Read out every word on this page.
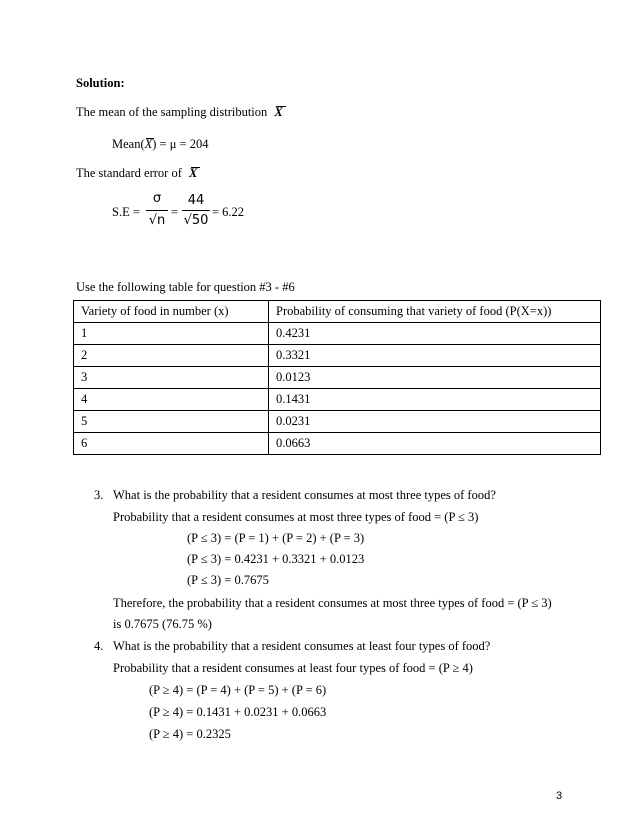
Solution:
The mean of the sampling distribution X
Mean(X) = μ = 204
The standard error of X
S.E =
σ
√n
=
44
√50
= 6.22
Use the following table for question #3 - #6
Variety of food in number (x)	Probability of consuming that variety of food (P(X=x))
1	0.4231
2	0.3321
3	0.0123
4	0.1431
5	0.0231
6	0.0663
3. What is the probability that a resident consumes at most three types of food?
Probability that a resident consumes at most three types of food = (P ≤ 3)
(P ≤ 3) = (P = 1) + (P = 2) + (P = 3)
(P ≤ 3) = 0.4231 + 0.3321 + 0.0123
(P ≤ 3) = 0.7675
Therefore, the probability that a resident consumes at most three types of food = (P ≤ 3)
is 0.7675 (76.75 %)
4. What is the probability that a resident consumes at least four types of food?
Probability that a resident consumes at least four types of food = (P ≥ 4)
(P ≥ 4) = (P = 4) + (P = 5) + (P = 6)
(P ≥ 4) = 0.1431 + 0.0231 + 0.0663
(P ≥ 4) = 0.2325
3
